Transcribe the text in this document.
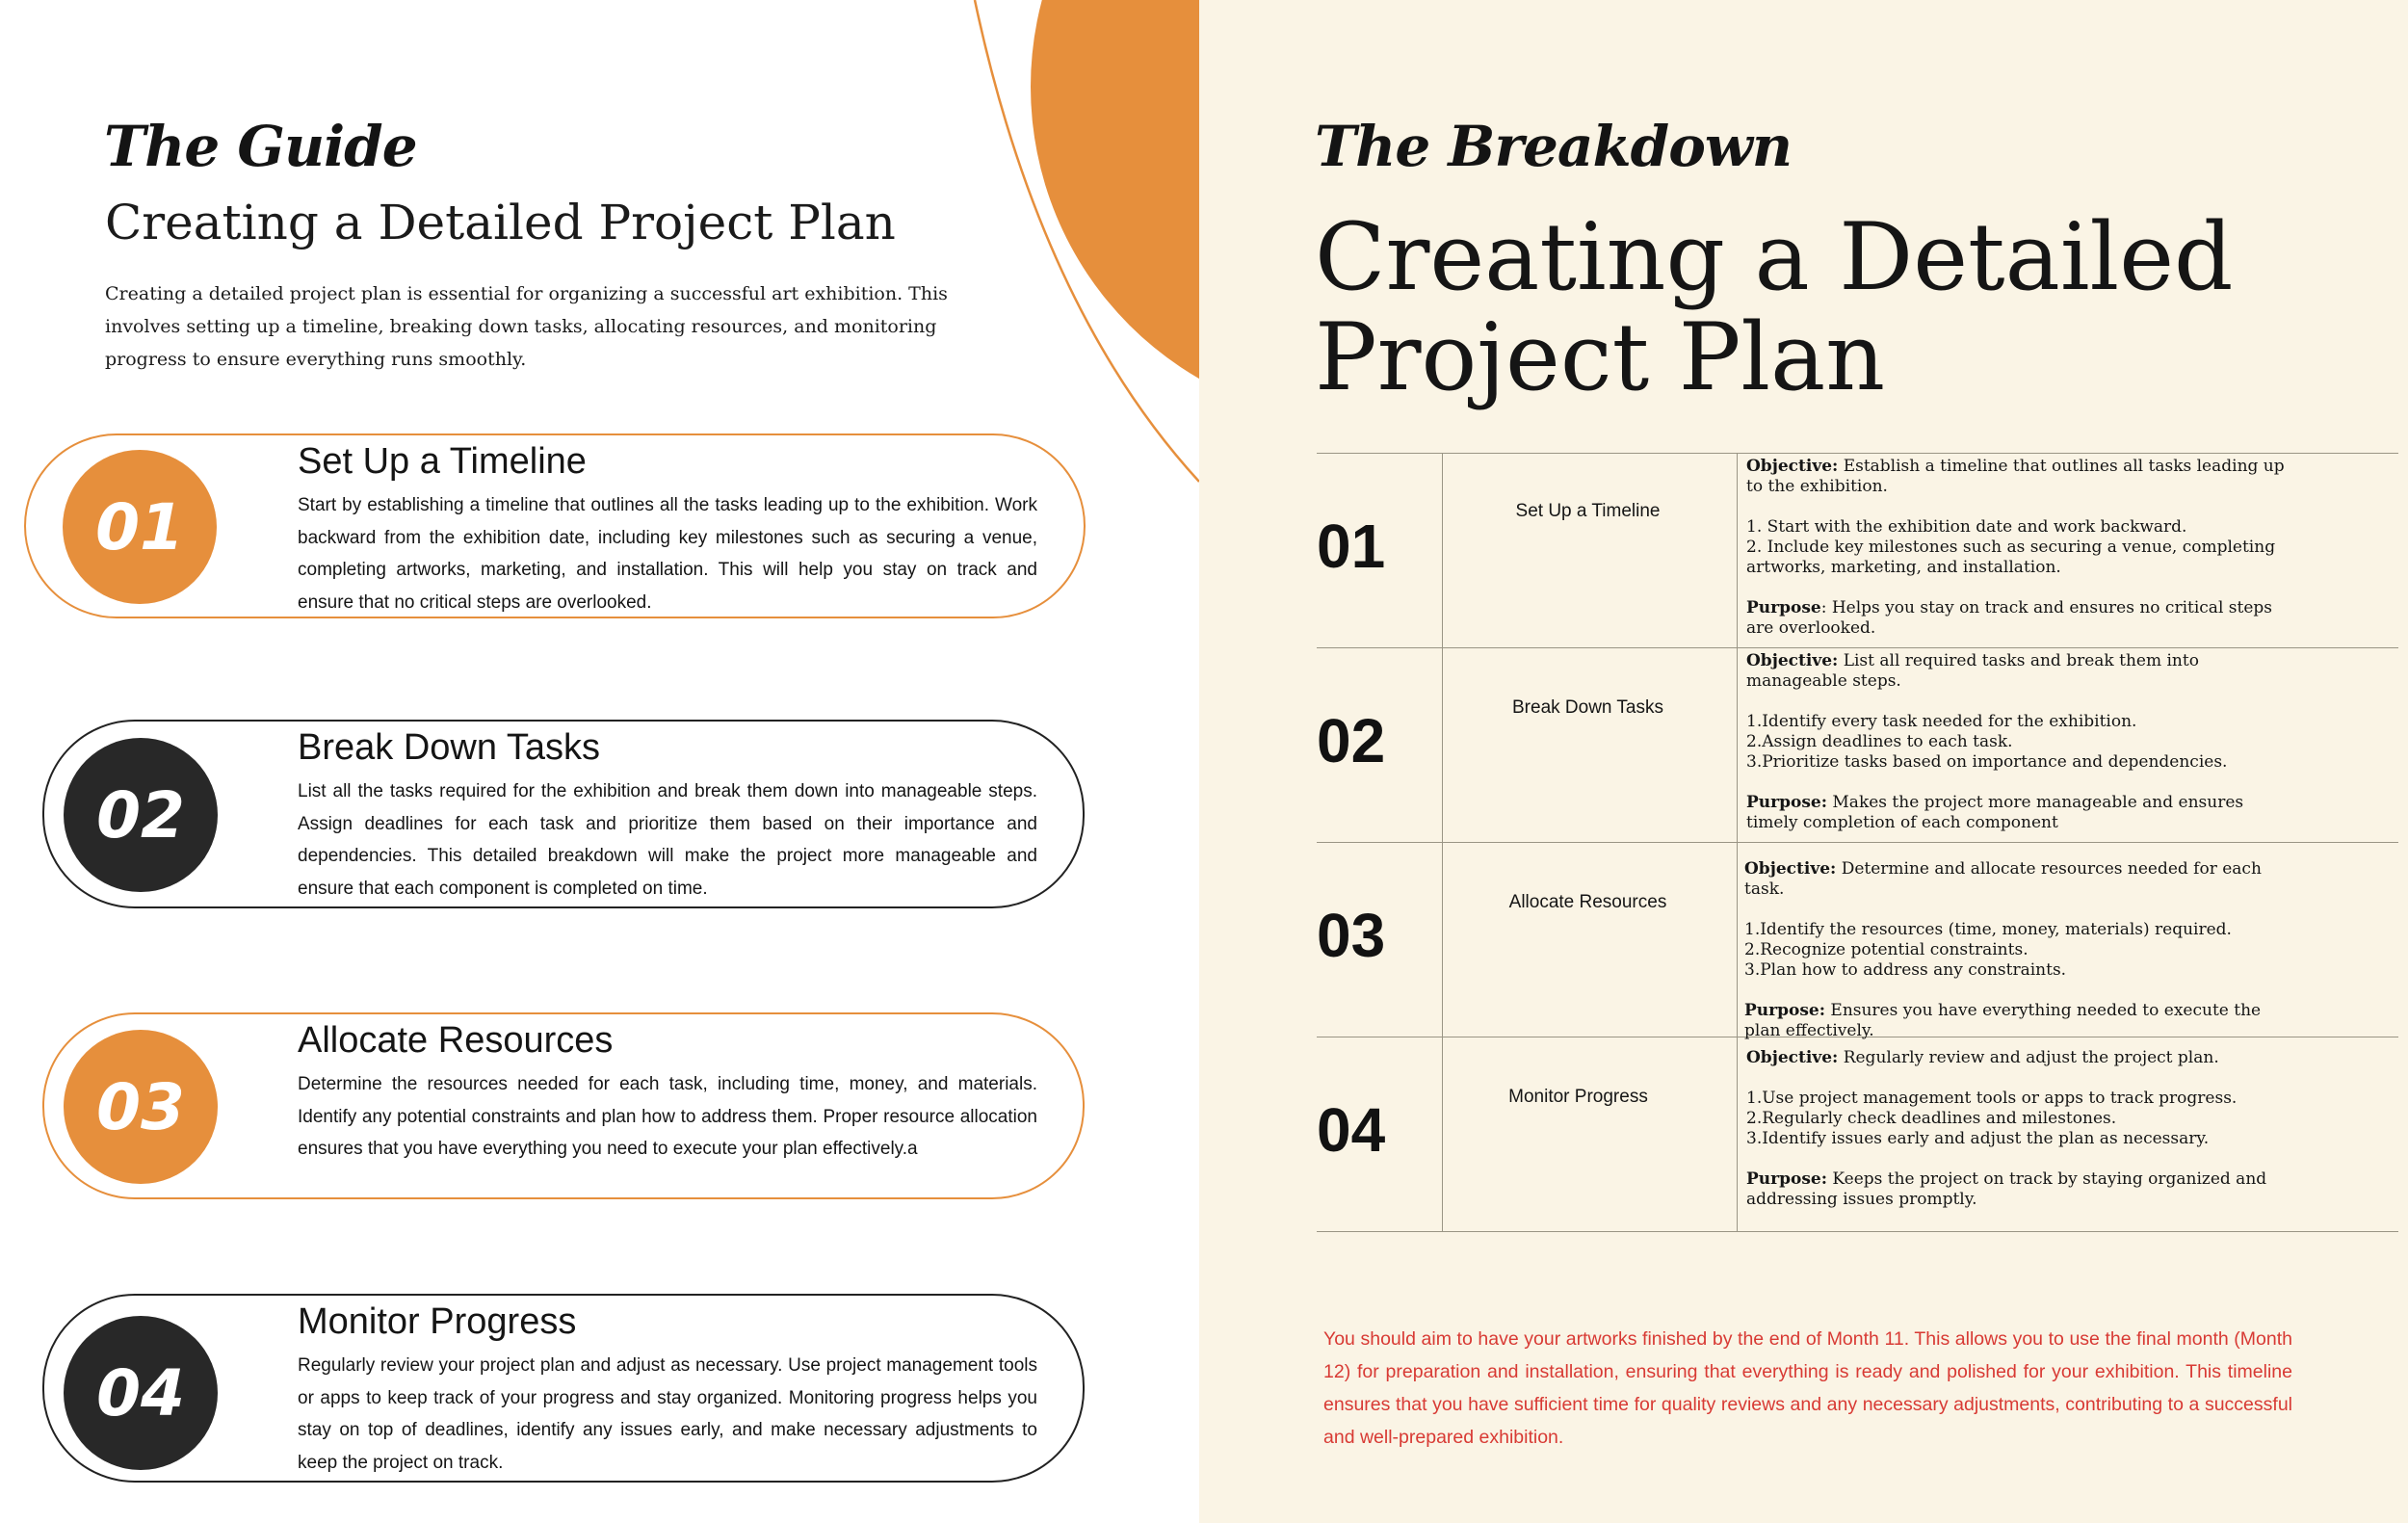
The Guide
Creating a Detailed Project Plan

Creating a detailed project plan is essential for organizing a successful art exhibition. This involves setting up a timeline, breaking down tasks, allocating resources, and monitoring progress to ensure everything runs smoothly.

01
Set Up a Timeline

Start by establishing a timeline that outlines all the tasks leading up to the exhibition. Work backward from the exhibition date, including key milestones such as securing a venue, completing artworks, marketing, and installation. This will help you stay on track and ensure that no critical steps are overlooked.

02
Break Down Tasks

List all the tasks required for the exhibition and break them down into manageable steps. Assign deadlines for each task and prioritize them based on their importance and dependencies. This detailed breakdown will make the project more manageable and ensure that each component is completed on time.

03
Allocate Resources

Determine the resources needed for each task, including time, money, and materials. Identify any potential constraints and plan how to address them. Proper resource allocation ensures that you have everything you need to execute your plan effectively.a

04
Monitor Progress

Regularly review your project plan and adjust as necessary. Use project management tools or apps to keep track of your progress and stay organized. Monitoring progress helps you stay on top of deadlines, identify any issues early, and make necessary adjustments to keep the project on track.

The Breakdown
Creating a Detailed Project Plan

01

Set Up a Timeline

Objective: Establish a timeline that outlines all tasks leading up to the exhibition.

1. Start with the exhibition date and work backward.

2. Include key milestones such as securing a venue, completing artworks, marketing, and installation.

Purpose: Helps you stay on track and ensures no critical steps are overlooked.

02	Break Down Tasks

Objective: List all required tasks and break them into manageable steps.

1.Identify every task needed for the exhibition.

2.Assign deadlines to each task.

3.Prioritize tasks based on importance and dependencies.

Purpose: Makes the project more manageable and ensures timely completion of each component

03	Allocate Resources

Objective: Determine and allocate resources needed for each task.

1.Identify the resources (time, money, materials) required.

2.Recognize potential constraints.

3.Plan how to address any constraints.

Purpose: Ensures you have everything needed to execute the plan effectively.

04	Monitor Progress

Objective: Regularly review and adjust the project plan.

1.Use project management tools or apps to track progress.

2.Regularly check deadlines and milestones.

3.Identify issues early and adjust the plan as necessary.

Purpose: Keeps the project on track by staying organized and addressing issues promptly.

You should aim to have your artworks finished by the end of Month 11. This allows you to use the final month (Month 12) for preparation and installation, ensuring that everything is ready and polished for your exhibition. This timeline ensures that you have sufficient time for quality reviews and any necessary adjustments, contributing to a successful and well-prepared exhibition.
